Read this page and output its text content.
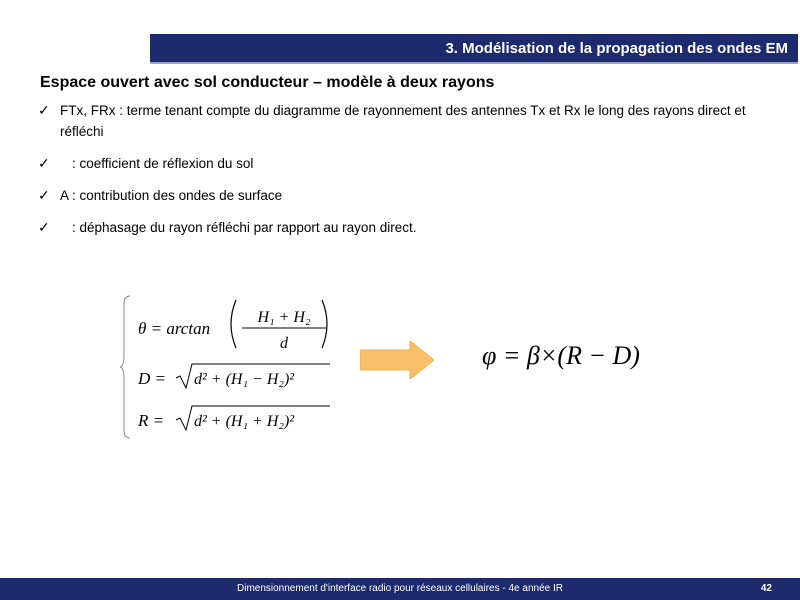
3. Modélisation de la propagation des ondes EM
Espace ouvert avec sol conducteur – modèle à deux rayons
✓ FTx, FRx : terme tenant compte du diagramme de rayonnement des antennes Tx et Rx le long des rayons direct et réfléchi
✓ : coefficient de réflexion du sol
✓ A : contribution des ondes de surface
✓ : déphasage du rayon réfléchi par rapport au rayon direct.
θ = arctan
H₁ + H₂
d
D = d² + (H₁ − H₂)²
R = d² + (H₁ + H₂)²
φ = β×(R − D)
Dimensionnement d'interface radio pour réseaux cellulaires - 4e année IR	42
